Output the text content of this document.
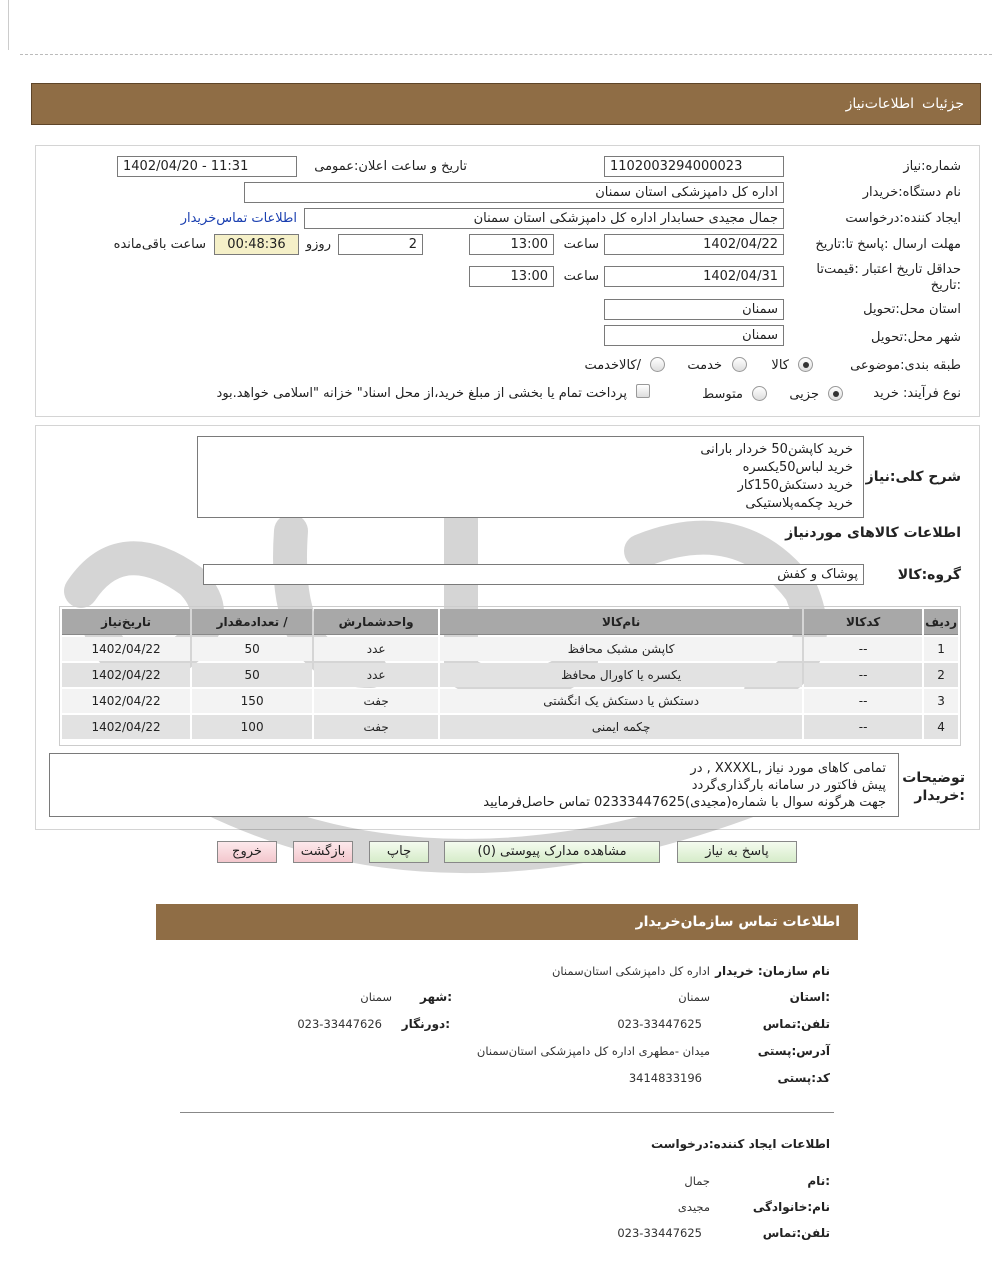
جزئیات
اطلاعات‌نیاز
شماره:نیاز
1102003294000023
تاریخ و ساعت اعلان:عمومی
1402/04/20 - 11:31
نام دستگاه:خریدار
اداره کل دامپزشکی استان سمنان
ایجاد کننده:درخواست
جمال مجیدی حسابدار اداره کل دامپزشکی استان سمنان
اطلاعات تماس‌خریدار
مهلت ارسال :پاسخ تا:تاریخ
1402/04/22
ساعت
13:00
2
روزو
00:48:36
ساعت باقی‌مانده
حداقل تاریخ اعتبار :قیمت‌تا :تاریخ
1402/04/31
ساعت
13:00
استان محل:تحویل
سمنان
شهر محل:تحویل
سمنان
طبقه بندی:موضوعی
کالا
خدمت
/کالاخدمت
نوع فرآیند: خرید
جزیی
متوسط
پرداخت تمام یا بخشی از مبلغ خرید،از محل اسناد" خزانه "اسلامی خواهد.بود
شرح کلی:نیاز
خرید کاپشن50 خردار بارانی
خرید لباس50یکسره
خرید دستکش150کار
خرید چکمه‌پلاستیکی
اطلاعات کالاهای موردنیاز
گروه:کالا
پوشاک و کفش
ردیف	کدکالا	نام‌کالا	واحدشمارش	/ تعدادمقدار	تاریخ‌نیاز
1	--	کاپشن مشبک محافظ	عدد	50	1402/04/22
2	--	یکسره یا کاورال محافظ	عدد	50	1402/04/22
3	--	دستکش یا دستکش یک انگشتی	جفت	150	1402/04/22
4	--	چکمه ایمنی	جفت	100	1402/04/22
توضیحات :خریدار
تمامی کاهای مورد نیاز ,XXXXL , در
پیش فاکتور در سامانه بارگذاری‌گردد
جهت هرگونه سوال با شماره(مجیدی)02333447625 تماس حاصل‌فرمایید
پاسخ به نیاز
مشاهده مدارک پیوستی (0)
چاپ
بازگشت
خروج
اطلاعات تماس سازمان‌خریدار
نام سازمان: خریدار
اداره کل دامپزشکی استان‌سمنان
:استان
سمنان
:شهر
سمنان
تلفن:تماس
023-33447625
:دورنگار
023-33447626
آدرس:پستی
میدان -مطهری اداره کل دامپزشکی استان‌سمنان
کد:پستی
3414833196
اطلاعات ایجاد کننده:درخواست
:نام
جمال
نام:خانوادگی
مجیدی
تلفن:تماس
023-33447625
